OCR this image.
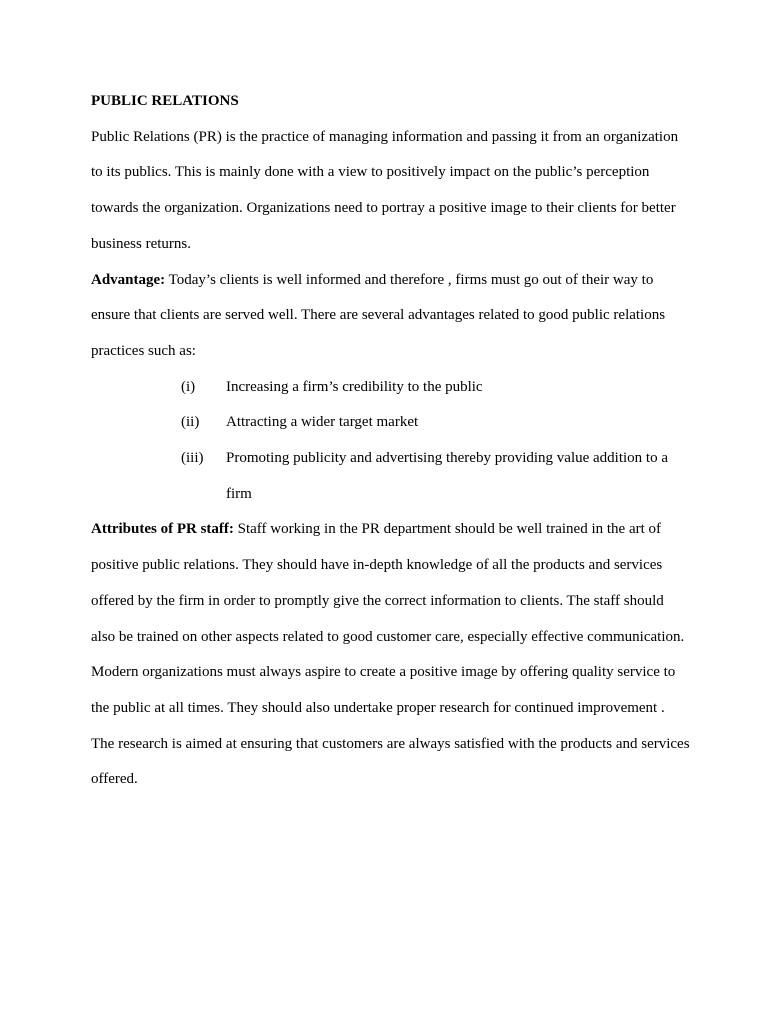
PUBLIC RELATIONS

Public Relations (PR) is the practice of managing information and passing it from an organization to its publics. This is mainly done with a view to positively impact on the public’s perception towards the organization. Organizations need to portray a positive image to their clients for better business returns.

Advantage: Today’s clients is well informed and therefore , firms must go out of their way to ensure that clients are served well. There are several advantages related to good public relations practices such as:

(i)	Increasing a firm’s credibility to the public
(ii)	Attracting a wider target market
(iii)	Promoting publicity and advertising thereby providing value addition to a firm

Attributes of PR staff: Staff working in the PR department should be well trained in the art of positive public relations. They should have in-depth knowledge of all the products and services offered by the firm in order to promptly give the correct information to clients. The staff should also be trained on other aspects related to good customer care, especially effective communication.

Modern organizations must always aspire to create a positive image by offering quality service to the public at all times. They should also undertake proper research for continued improvement . The research is aimed at ensuring that customers are always satisfied with the products and services offered.
